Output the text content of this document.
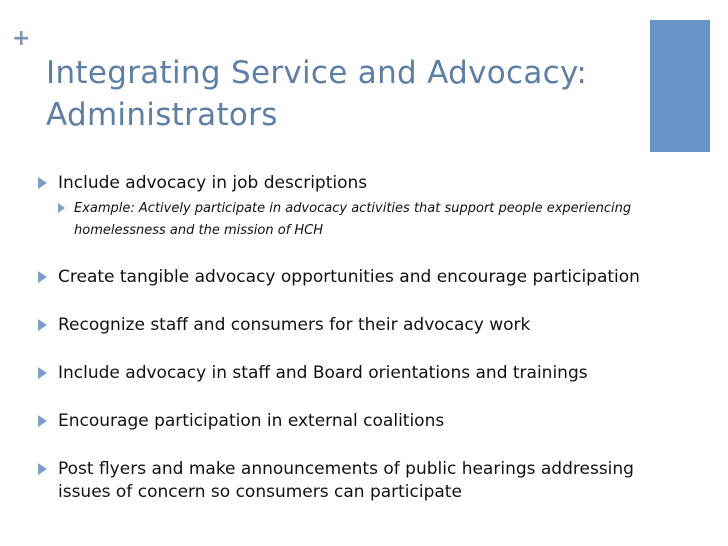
+
Integrating Service and Advocacy: Administrators
Include advocacy in job descriptions
Example: Actively participate in advocacy activities that support people experiencing homelessness and the mission of HCH
Create tangible advocacy opportunities and encourage participation
Recognize staff and consumers for their advocacy work
Include advocacy in staff and Board orientations and trainings
Encourage participation in external coalitions
Post flyers and make announcements of public hearings addressing issues of concern so consumers can participate
